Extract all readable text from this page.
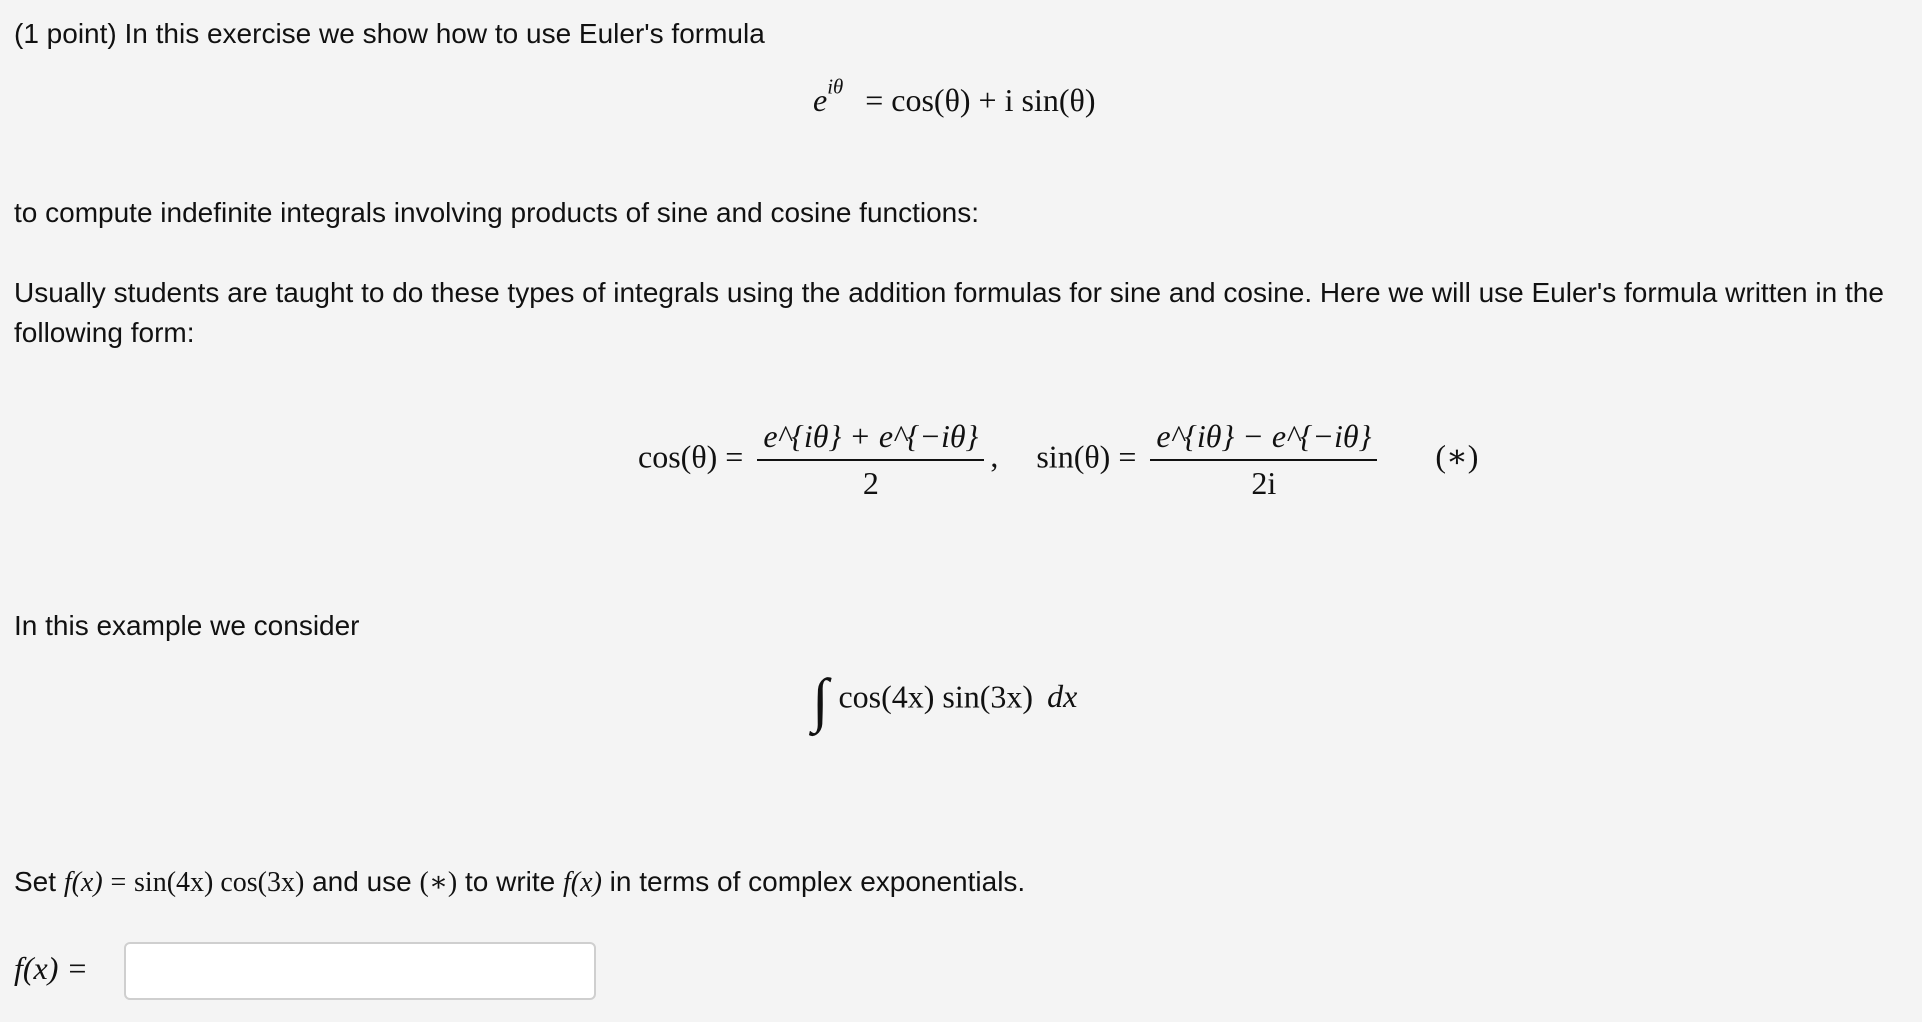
(1 point) In this exercise we show how to use Euler's formula

$e^{i\theta} = \cos(\theta) + i$ sin(θ)

to compute indefinite integrals involving products of sine and cosine functions:

Usually students are taught to do these types of integrals using the addition formulas for sine and cosine. Here we will use Euler's formula written in the following form:

$\cos(\theta) = \frac{e\^{}\{i\theta\} + e\^{}\{-i\theta\}}{2}$ , $\sin(\theta) = \frac{e\^{}\{i\theta\} - e\^{}\{-i\theta\}}{2i}$ (∗)

In this example we consider

∫ cos(4x) sin(3x) dx

Set f(x) = sin(4x) cos(3x) and use (∗) to write f(x) in terms of complex exponentials.

f(x) =
